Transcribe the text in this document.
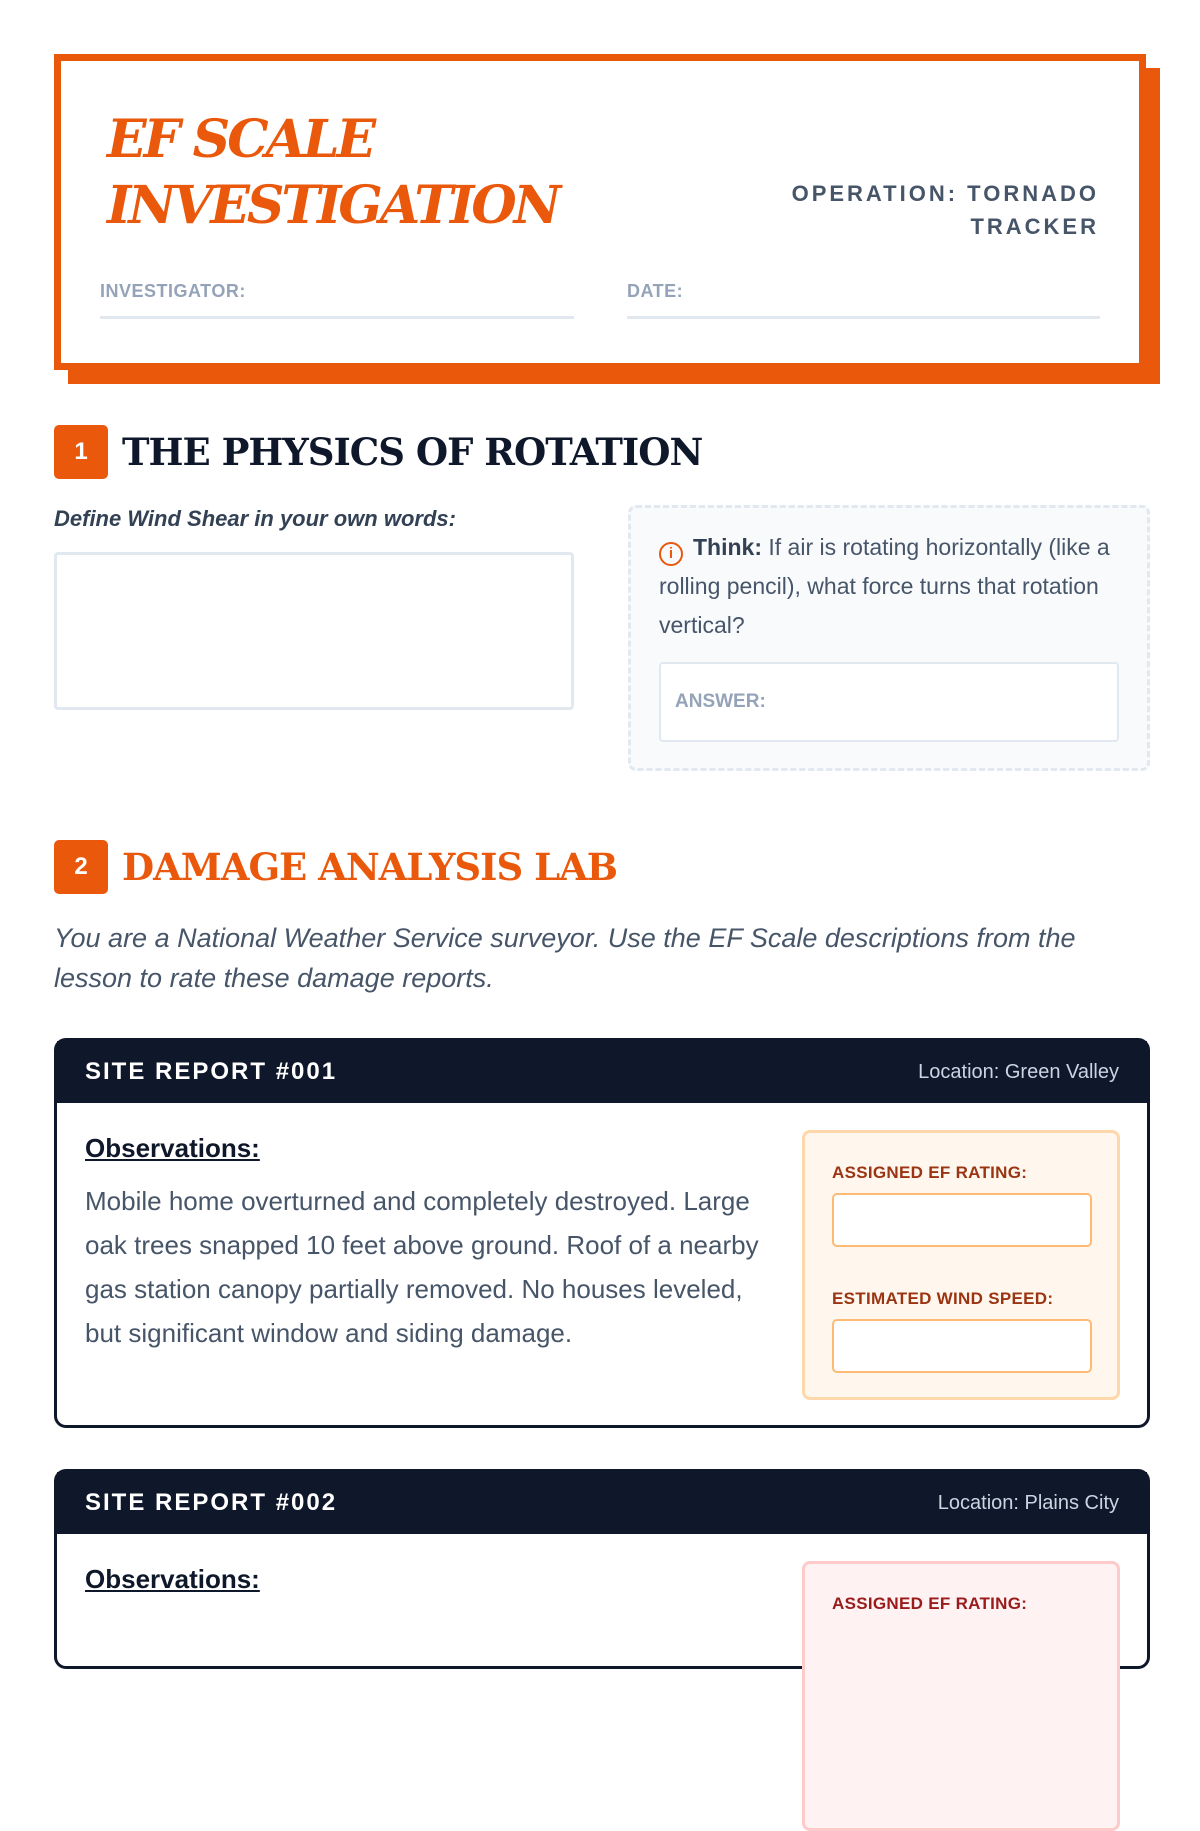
EF SCALE
INVESTIGATION	OPERATION: TORNADO
TRACKER
INVESTIGATOR:	DATE:
1 THE PHYSICS OF ROTATION
Define Wind Shear in your own words:
i Think: If air is rotating horizontally (like a rolling pencil), what force turns that rotation vertical?
ANSWER:
2 DAMAGE ANALYSIS LAB

You are a National Weather Service surveyor. Use the EF Scale descriptions from the lesson to rate these damage reports.

SITE REPORT #001	Location: Green Valley
Observations:

Mobile home overturned and completely destroyed. Large oak trees snapped 10 feet above ground. Roof of a nearby gas station canopy partially removed. No houses leveled, but significant window and siding damage.

ASSIGNED EF RATING:
ESTIMATED WIND SPEED:
SITE REPORT #002	Location: Plains City
Observations:
ASSIGNED EF RATING:
